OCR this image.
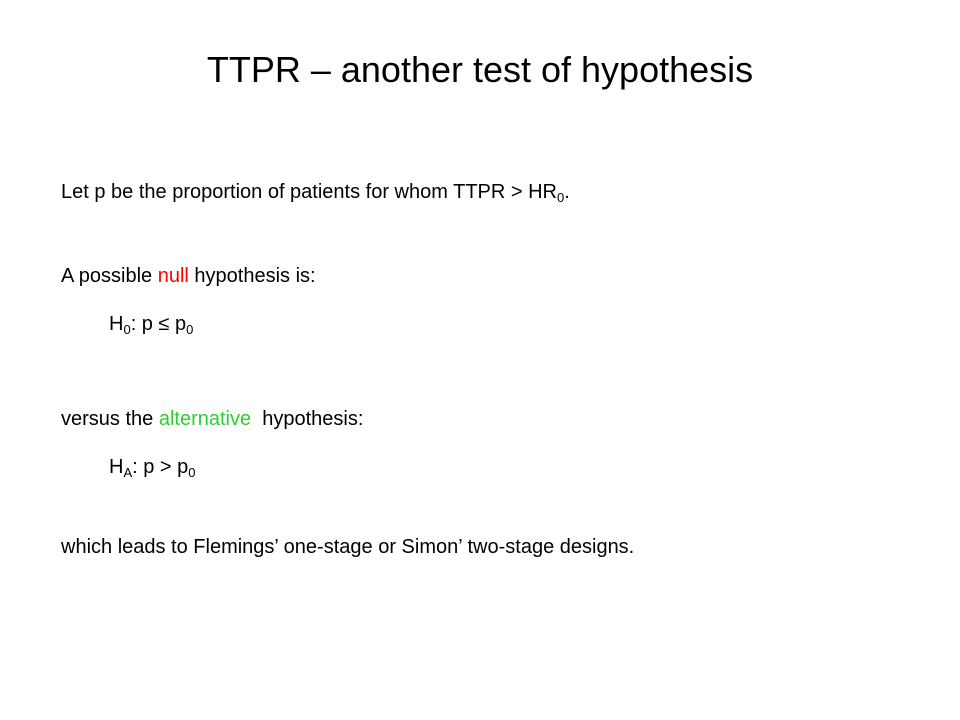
TTPR – another test of hypothesis
Let p be the proportion of patients for whom TTPR > $HR_0$.
A possible null hypothesis is:
$H_0$: $p \le p_0$
versus the alternative  hypothesis:
$H_A$: $p > p_0$
which leads to Flemings’ one-stage or Simon’ two-stage designs.
